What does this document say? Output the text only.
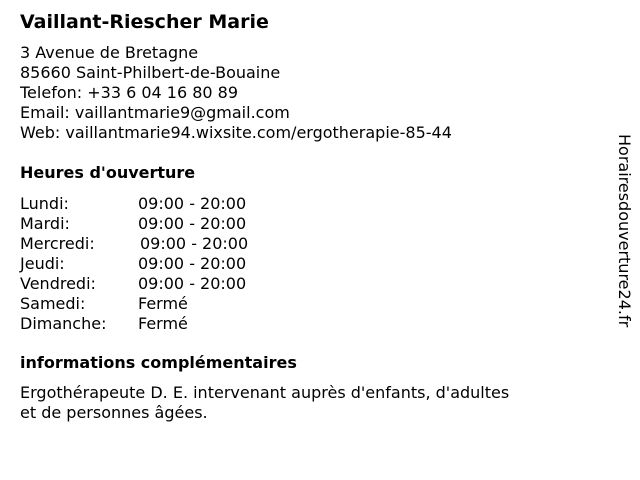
Vaillant-Riescher Marie
3 Avenue de Bretagne
85660 Saint-Philbert-de-Bouaine
Telefon: +33 6 04 16 80 89
Email: vaillantmarie9@gmail.com
Web: vaillantmarie94.wixsite.com/ergotherapie-85-44
Heures d'ouverture
Lundi:	09:00 - 20:00
Mardi:	09:00 - 20:00
Mercredi:	09:00 - 20:00
Jeudi:	09:00 - 20:00
Vendredi:	09:00 - 20:00
Samedi:	Fermé
Dimanche: Fermé
informations complémentaires
Ergothérapeute D. E. intervenant auprès d'enfants, d'adultes
et de personnes âgées.
Horairesdouverture24.fr
